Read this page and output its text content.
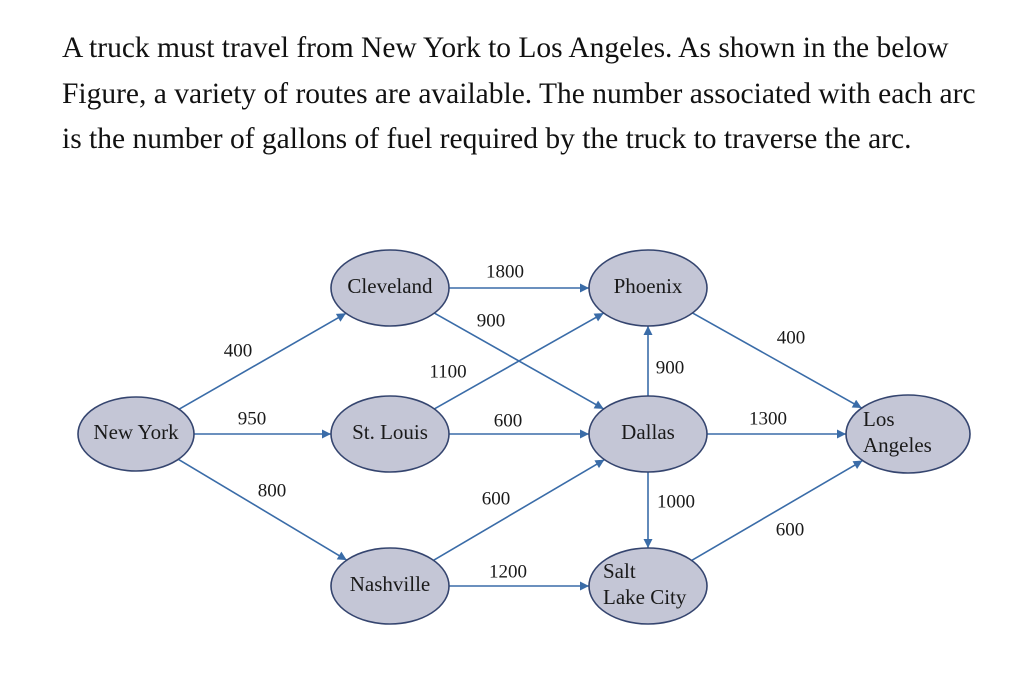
A truck must travel from New York to Los Angeles. As shown in the below Figure, a variety of routes are available. The number associated with each arc is the number of gallons of fuel required by the truck to traverse the arc.

New York
Cleveland
St. Louis
Nashville
Phoenix
Dallas
Salt
Lake City
Los
Angeles
400
950
800
1800
900
1100
600
600
1200
900
1000
400
1300
600
